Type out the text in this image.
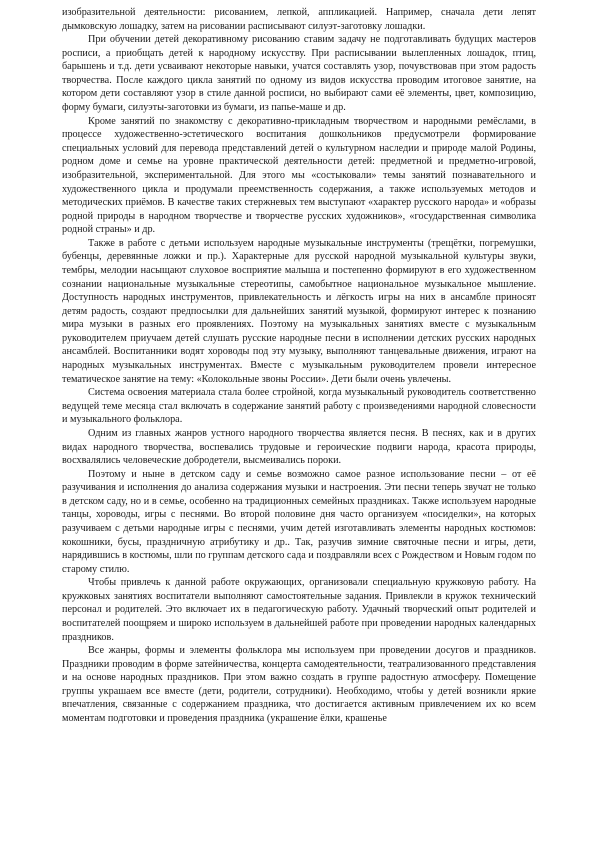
изобразительной деятельности: рисованием, лепкой, аппликацией. Например, сначала дети лепят дымковскую лошадку, затем на рисовании расписывают силуэт-заготовку лошадки.

При обучении детей декоративному рисованию ставим задачу не подготавливать будущих мастеров росписи, а приобщать детей к народному искусству. При расписывании вылепленных лошадок, птиц, барышень и т.д. дети усваивают некоторые навыки, учатся составлять узор, почувствовав при этом радость творчества. После каждого цикла занятий по одному из видов искусства проводим итоговое занятие, на котором дети составляют узор в стиле данной росписи, но выбирают сами её элементы, цвет, композицию, форму бумаги, силуэты-заготовки из бумаги, из папье-маше и др.

Кроме занятий по знакомству с декоративно-прикладным творчеством и народными ремёслами, в процессе художественно-эстетического воспитания дошкольников предусмотрели формирование специальных условий для перевода представлений детей о культурном наследии и природе малой Родины, родном доме и семье на уровне практической деятельности детей: предметной и предметно-игровой, изобразительной, экспериментальной. Для этого мы «состыковали» темы занятий познавательного и художественного цикла и продумали преемственность содержания, а также используемых методов и методических приёмов. В качестве таких стержневых тем выступают «характер русского народа» и «образы родной природы в народном творчестве и творчестве русских художников», «государственная символика родной страны» и др.

Также в работе с детьми используем народные музыкальные инструменты (трещётки, погремушки, бубенцы, деревянные ложки и пр.). Характерные для русской народной музыкальной культуры звуки, тембры, мелодии насыщают слуховое восприятие малыша и постепенно формируют в его художественном сознании национальные музыкальные стереотипы, самобытное национальное музыкальное мышление. Доступность народных инструментов, привлекательность и лёгкость игры на них в ансамбле приносят детям радость, создают предпосылки для дальнейших занятий музыкой, формируют интерес к познанию мира музыки в разных его проявлениях. Поэтому на музыкальных занятиях вместе с музыкальным руководителем приучаем детей слушать русские народные песни в исполнении детских русских народных ансамблей. Воспитанники водят хороводы под эту музыку, выполняют танцевальные движения, играют на народных музыкальных инструментах. Вместе с музыкальным руководителем провели интересное тематическое занятие на тему: «Колокольные звоны России». Дети были очень увлечены.

Система освоения материала стала более стройной, когда музыкальный руководитель соответственно ведущей теме месяца стал включать в содержание занятий работу с произведениями народной словесности и музыкального фольклора.

Одним из главных жанров устного народного творчества является песня. В песнях, как и в других видах народного творчества, воспевались трудовые и героические подвиги народа, красота природы, восхвалялись человеческие добродетели, высмеивались пороки.

Поэтому и ныне в детском саду и семье возможно самое разное использование песни – от её разучивания и исполнения до анализа содержания музыки и настроения. Эти песни теперь звучат не только в детском саду, но и в семье, особенно на традиционных семейных праздниках. Также используем народные танцы, хороводы, игры с песнями. Во второй половине дня часто организуем «посиделки», на которых разучиваем с детьми народные игры с песнями, учим детей изготавливать элементы народных костюмов: кокошники, бусы, праздничную атрибутику и др.. Так, разучив зимние святочные песни и игры, дети, нарядившись в костюмы, шли по группам детского сада и поздравляли всех с Рождеством и Новым годом по старому стилю.

Чтобы привлечь к данной работе окружающих, организовали специальную кружковую работу. На кружковых занятиях воспитатели выполняют самостоятельные задания. Привлекли в кружок технический персонал и родителей. Это включает их в педагогическую работу. Удачный творческий опыт родителей и воспитателей поощряем и широко используем в дальнейшей работе при проведении народных календарных праздников.

Все жанры, формы и элементы фольклора мы используем при проведении досугов и праздников. Праздники проводим в форме затейничества, концерта самодеятельности, театрализованного представления и на основе народных праздников. При этом важно создать в группе радостную атмосферу. Помещение группы украшаем все вместе (дети, родители, сотрудники). Необходимо, чтобы у детей возникли яркие впечатления, связанные с содержанием праздника, что достигается активным привлечением их ко всем моментам подготовки и проведения праздника (украшение ёлки, крашенье
